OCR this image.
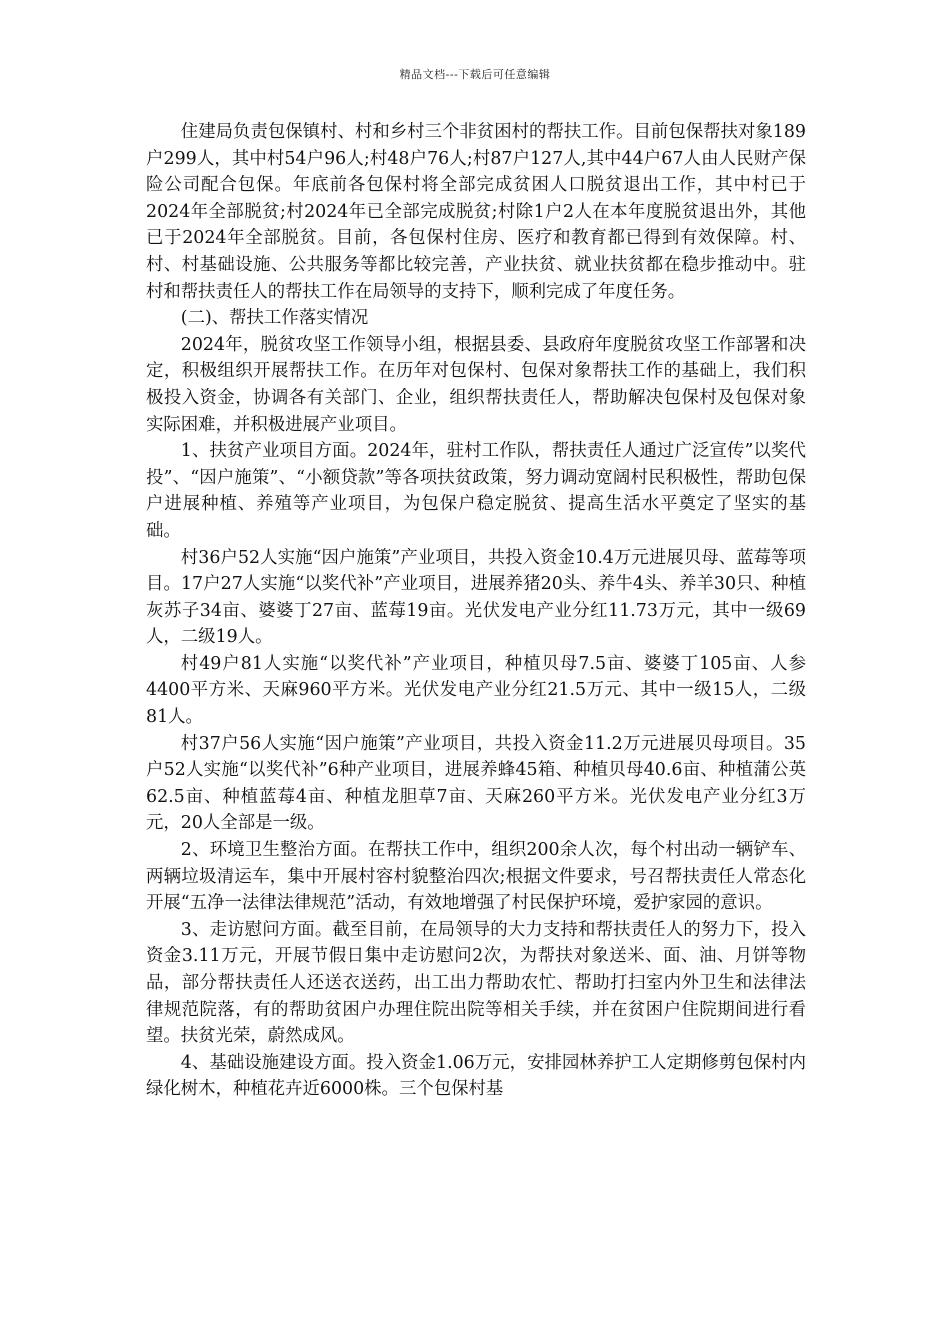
精品文档---下载后可任意编辑

住建局负责包保镇村、村和乡村三个非贫困村的帮扶工作。目前包保帮扶对象189户299人，其中村54户96人;村48户76人;村87户127人,其中44户67人由人民财产保险公司配合包保。年底前各包保村将全部完成贫困人口脱贫退出工作，其中村已于2024年全部脱贫;村2024年已全部完成脱贫;村除1户2人在本年度脱贫退出外，其他已于2024年全部脱贫。目前，各包保村住房、医疗和教育都已得到有效保障。村、村、村基础设施、公共服务等都比较完善，产业扶贫、就业扶贫都在稳步推动中。驻村和帮扶责任人的帮扶工作在局领导的支持下，顺利完成了年度任务。

(二)、帮扶工作落实情况

2024年，脱贫攻坚工作领导小组，根据县委、县政府年度脱贫攻坚工作部署和决定，积极组织开展帮扶工作。在历年对包保村、包保对象帮扶工作的基础上，我们积极投入资金，协调各有关部门、企业，组织帮扶责任人，帮助解决包保村及包保对象实际困难，并积极进展产业项目。

1、扶贫产业项目方面。2024年，驻村工作队，帮扶责任人通过广泛宣传”以奖代投”、“因户施策”、“小额贷款”等各项扶贫政策，努力调动宽阔村民积极性，帮助包保户进展种植、养殖等产业项目，为包保户稳定脱贫、提高生活水平奠定了坚实的基础。

村36户52人实施“因户施策”产业项目，共投入资金10.4万元进展贝母、蓝莓等项目。17户27人实施“以奖代补”产业项目，进展养猪20头、养牛4头、养羊30只、种植灰苏子34亩、婆婆丁27亩、蓝莓19亩。光伏发电产业分红11.73万元，其中一级69人，二级19人。

村49户81人实施“以奖代补”产业项目，种植贝母7.5亩、婆婆丁105亩、人参4400平方米、天麻960平方米。光伏发电产业分红21.5万元、其中一级15人，二级81人。

村37户56人实施“因户施策”产业项目，共投入资金11.2万元进展贝母项目。35户52人实施“以奖代补”6种产业项目，进展养蜂45箱、种植贝母40.6亩、种植蒲公英62.5亩、种植蓝莓4亩、种植龙胆草7亩、天麻260平方米。光伏发电产业分红3万元，20人全部是一级。

2、环境卫生整治方面。在帮扶工作中，组织200余人次，每个村出动一辆铲车、两辆垃圾清运车，集中开展村容村貌整治四次;根据文件要求，号召帮扶责任人常态化开展“五净一法律法律规范”活动，有效地增强了村民保护环境，爱护家园的意识。

3、走访慰问方面。截至目前，在局领导的大力支持和帮扶责任人的努力下，投入资金3.11万元，开展节假日集中走访慰问2次，为帮扶对象送米、面、油、月饼等物品，部分帮扶责任人还送衣送药，出工出力帮助农忙、帮助打扫室内外卫生和法律法律规范院落，有的帮助贫困户办理住院出院等相关手续，并在贫困户住院期间进行看望。扶贫光荣，蔚然成风。

4、基础设施建设方面。投入资金1.06万元，安排园林养护工人定期修剪包保村内绿化树木，种植花卉近6000株。三个包保村基
